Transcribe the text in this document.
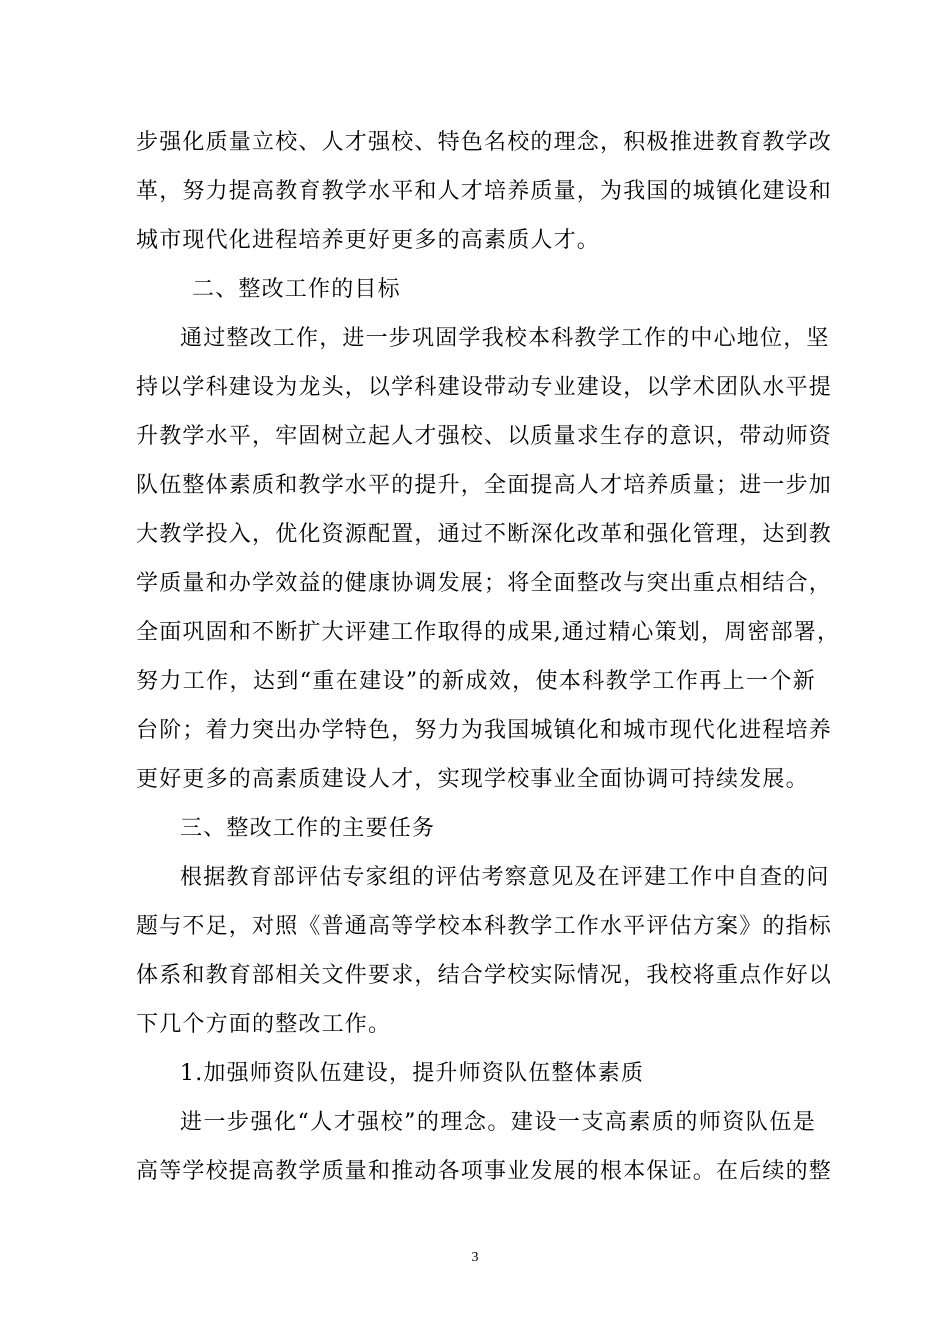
步强化质量立校、人才强校、特色名校的理念，积极推进教育教学改
革，努力提高教育教学水平和人才培养质量，为我国的城镇化建设和
城市现代化进程培养更好更多的高素质人才。
二、整改工作的目标
通过整改工作，进一步巩固学我校本科教学工作的中心地位，坚
持以学科建设为龙头，以学科建设带动专业建设，以学术团队水平提
升教学水平，牢固树立起人才强校、以质量求生存的意识，带动师资
队伍整体素质和教学水平的提升，全面提高人才培养质量；进一步加
大教学投入，优化资源配置，通过不断深化改革和强化管理，达到教
学质量和办学效益的健康协调发展；将全面整改与突出重点相结合，
全面巩固和不断扩大评建工作取得的成果,通过精心策划，周密部署，
努力工作，达到“重在建设”的新成效，使本科教学工作再上一个新
台阶；着力突出办学特色，努力为我国城镇化和城市现代化进程培养
更好更多的高素质建设人才，实现学校事业全面协调可持续发展。
三、整改工作的主要任务
根据教育部评估专家组的评估考察意见及在评建工作中自查的问
题与不足，对照《普通高等学校本科教学工作水平评估方案》的指标
体系和教育部相关文件要求，结合学校实际情况，我校将重点作好以
下几个方面的整改工作。
1.加强师资队伍建设，提升师资队伍整体素质
进一步强化“人才强校”的理念。建设一支高素质的师资队伍是
高等学校提高教学质量和推动各项事业发展的根本保证。在后续的整
3
